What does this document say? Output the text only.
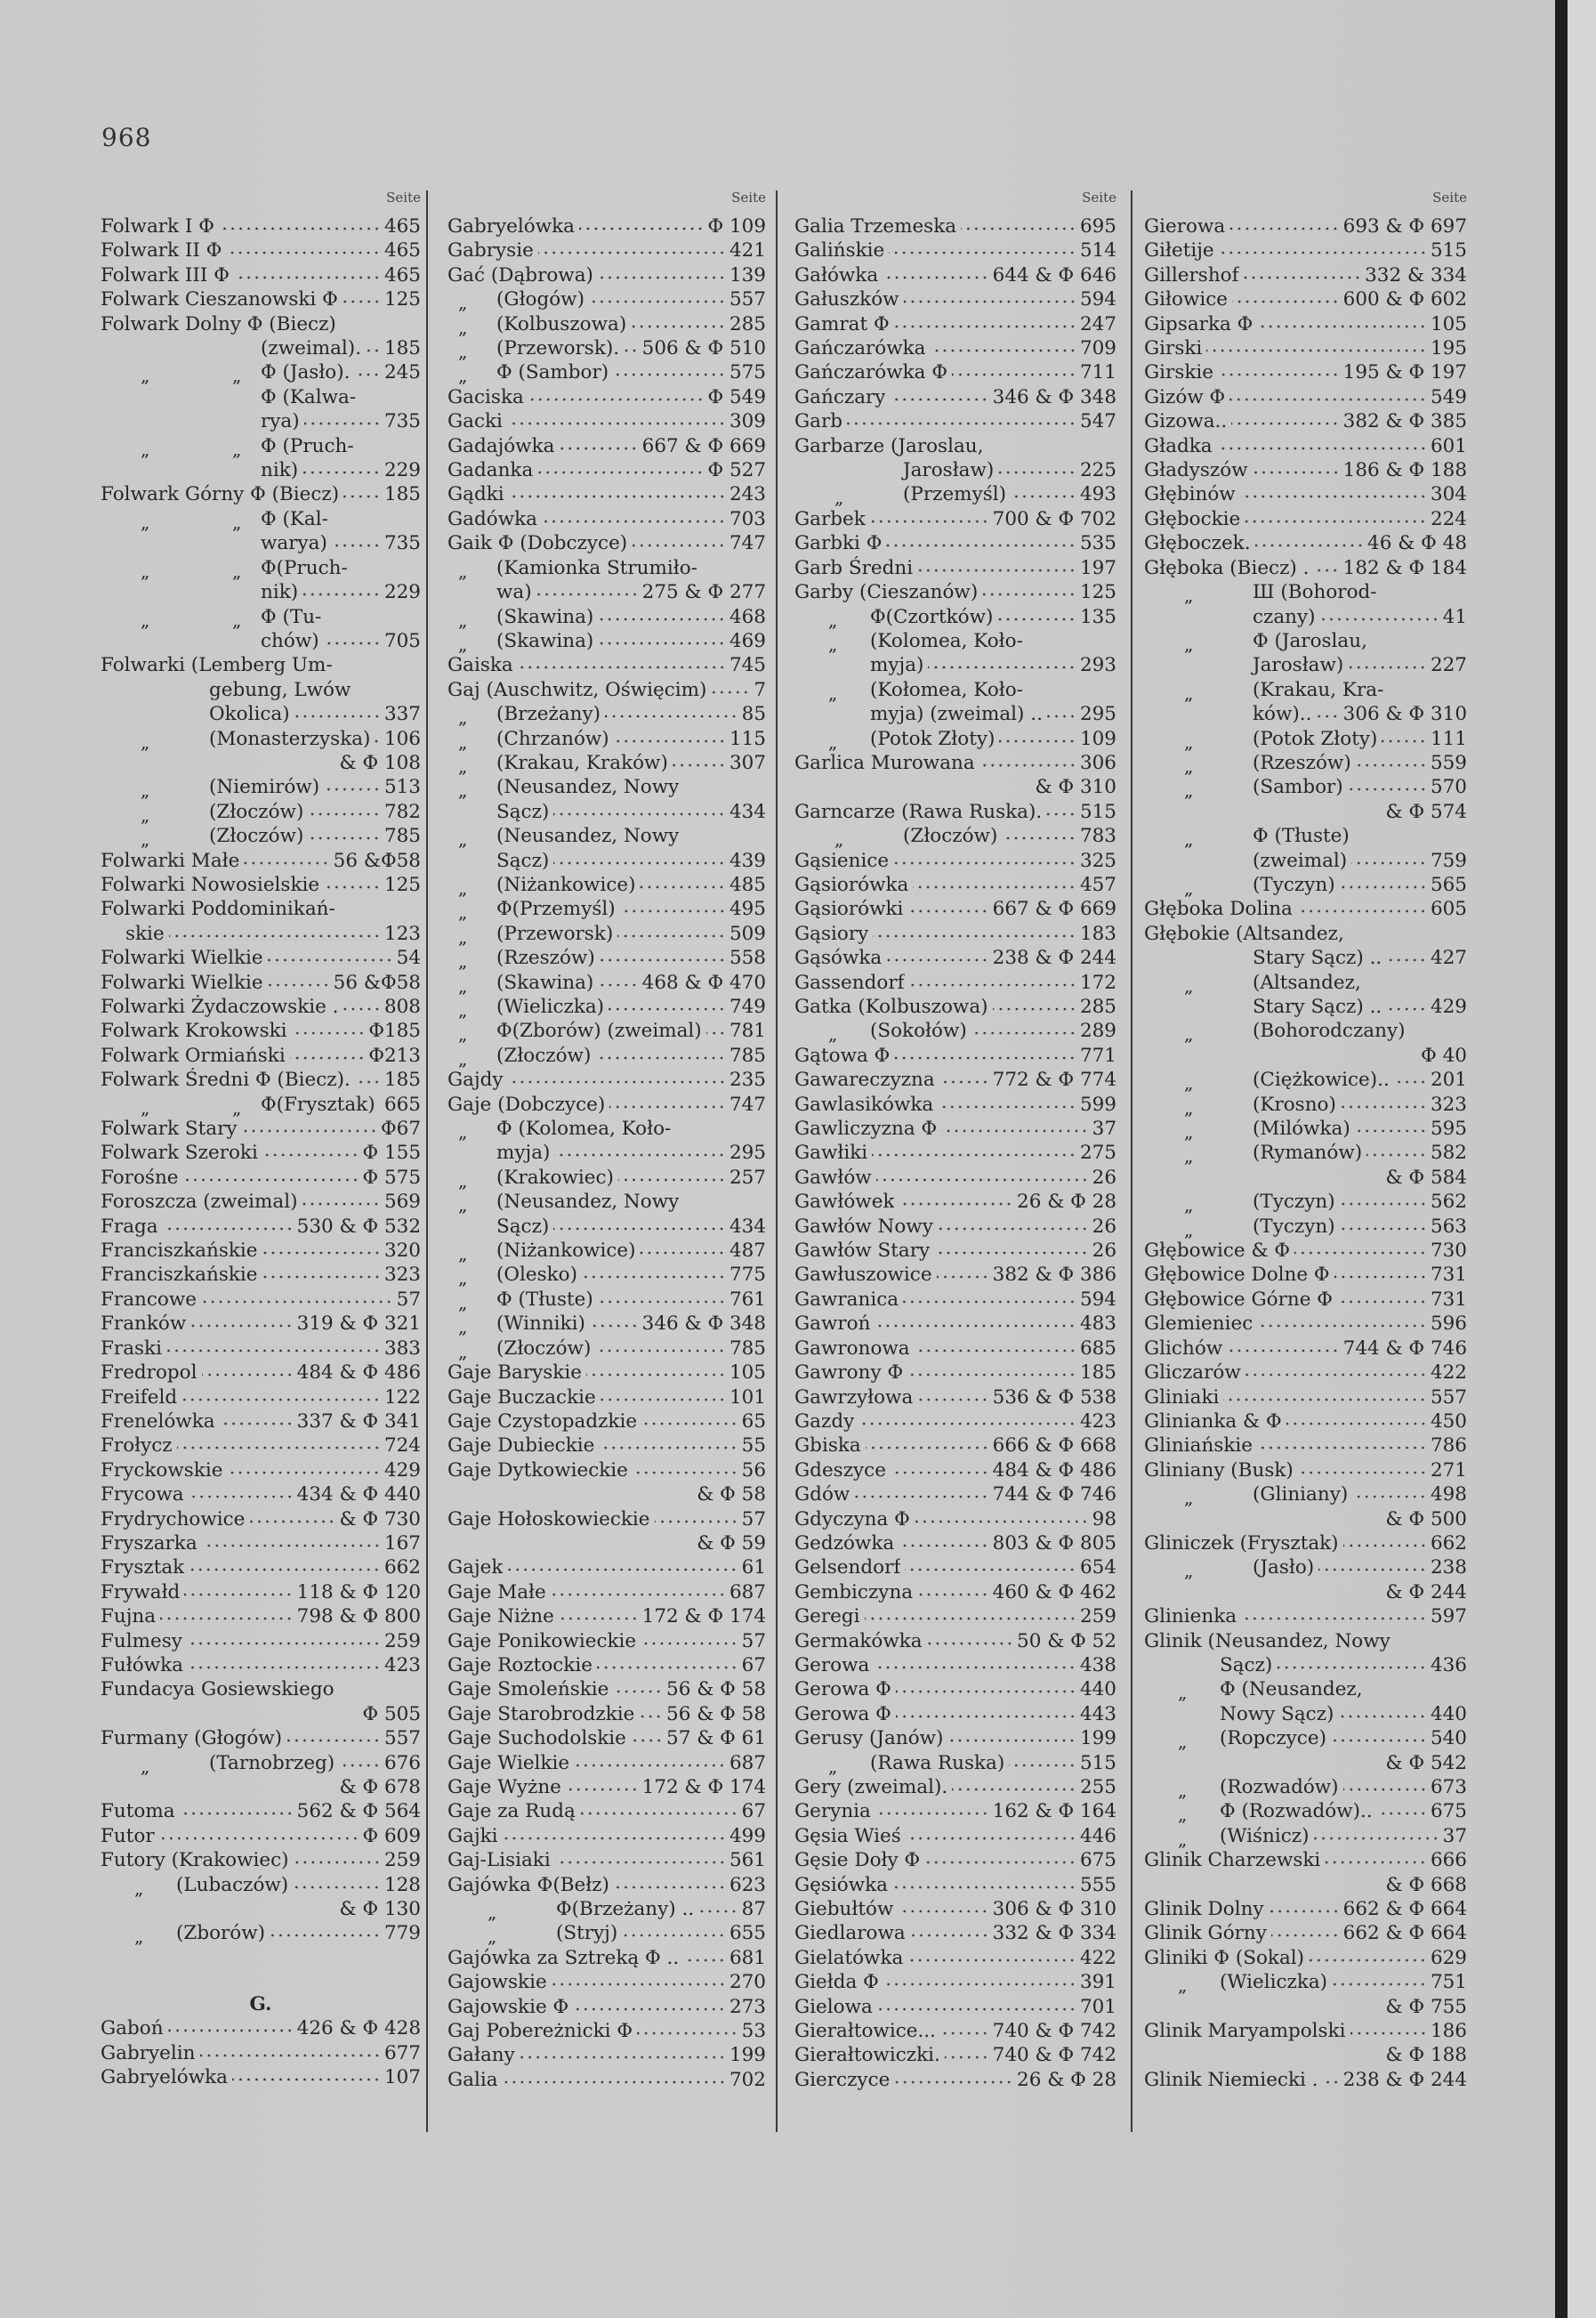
968
Seite
Folwark I Φ	465
Folwark II Φ	465
Folwark III Φ	465
Folwark Cieszanowski Φ 125
Folwark Dolny Φ (Biecz)
(zweimal). 185
„	„	Φ (Jasło). 245
Φ (Kalwa-
rya)	735
„	„	Φ (Pruch-
nik)	229
Folwark Górny Φ (Biecz) 185
„	„	Φ (Kal-
warya)	735
„	„	Φ(Pruch-
nik)	229
„	„	Φ (Tu-
chów)	705
Folwarki (Lemberg Um-
gebung, Lwów
Okolica)	337
„	(Monasterzyska) 106
& Φ 108
„	(Niemirów)	513
„	(Złoczów)	782
„	(Złoczów)	785
Folwarki Małe	56 &Φ58
Folwarki Nowosielskie	125
Folwarki Poddominikań-
skie	123
Folwarki Wielkie	54
Folwarki Wielkie	56 &Φ58
Folwarki Żydaczowskie . 808
Folwark Krokowski	Φ185
Folwark Ormiański	Φ213
Folwark Średni Φ (Biecz). 185
„	„	Φ(Frysztak) 665
Folwark Stary	Φ67
Folwark Szeroki	Φ 155
Forośne	Φ 575
Foroszcza (zweimal)	569
Fraga	530 & Φ 532
Franciszkańskie	320
Franciszkańskie	323
Francowe	57
Franków	319 & Φ 321
Fraski	383
Fredropol	484 & Φ 486
Freifeld	122
Frenelówka	337 & Φ 341
Frołycz	724
Fryckowskie	429
Frycowa	434 & Φ 440
Frydrychowice	& Φ 730
Fryszarka	167
Frysztak	662
Frywałd	118 & Φ 120
Fujna	798 & Φ 800
Fulmesy	259
Fułówka	423
Fundacya Gosiewskiego
Φ 505
Furmany (Głogów)	557
„	(Tarnobrzeg)	676
& Φ 678
Futoma	562 & Φ 564
Futor	Φ 609
Futory (Krakowiec)	259
„	(Lubaczów)	128
& Φ 130
„	(Zborów)	779
G.
Gaboń	426 & Φ 428
Gabryelin	677
Gabryelówka	107
Seite
Gabryelówka	Φ 109
Gabrysie	421
Gać (Dąbrowa)	139
„	(Głogów)	557
„	(Kolbuszowa)	285
„	(Przeworsk). 506 & Φ 510
„	Φ (Sambor)	575
Gaciska	Φ 549
Gacki	309
Gadajówka	667 & Φ 669
Gadanka	Φ 527
Gądki	243
Gadówka	703
Gaik Φ (Dobczyce)	747
„	(Kamionka Strumiło-
wa)	275 & Φ 277
„	(Skawina)	468
„	(Skawina)	469
Gaiska	745
Gaj (Auschwitz, Oświęcim) 7
„	(Brzeżany)	85
„	(Chrzanów)	115
„	(Krakau, Kraków)	307
„	(Neusandez, Nowy
Sącz)	434
„	(Neusandez, Nowy
Sącz)	439
„	(Niżankowice)	485
„	Φ(Przemyśl)	495
„	(Przeworsk)	509
„	(Rzeszów)	558
„	(Skawina)	468 & Φ 470
„	(Wieliczka)	749
„	Φ(Zborów) (zweimal) 781
„	(Złoczów)	785
Gajdy	235
Gaje (Dobczyce)	747
„	Φ (Kolomea, Koło-
myja)	295
„	(Krakowiec)	257
„	(Neusandez, Nowy
Sącz)	434
„	(Niżankowice)	487
„	(Olesko)	775
„	Φ (Tłuste)	761
„	(Winniki)	346 & Φ 348
„	(Złoczów)	785
Gaje Baryskie	105
Gaje Buczackie	101
Gaje Czystopadzkie	65
Gaje Dubieckie	55
Gaje Dytkowieckie	56
& Φ 58
Gaje Hołoskowieckie	57
& Φ 59
Gajek	61
Gaje Małe	687
Gaje Niżne	172 & Φ 174
Gaje Ponikowieckie	57
Gaje Roztockie	67
Gaje Smoleńskie	56 & Φ 58
Gaje Starobrodzkie 56 & Φ 58
Gaje Suchodolskie 57 & Φ 61
Gaje Wielkie	687
Gaje Wyżne	172 & Φ 174
Gaje za Rudą	67
Gajki	499
Gaj-Lisiaki	561
Gajówka Φ(Bełz)	623
„	Φ(Brzeżany) .. 87
„	(Stryj)	655
Gajówka za Sztreką Φ ..	681
Gajowskie	270
Gajowskie Φ	273
Gaj Pobereżnicki Φ	53
Gałany	199
Galia	702
Seite
Galia Trzemeska	695
Galińskie	514
Gałówka	644 & Φ 646
Gałuszków	594
Gamrat Φ	247
Gańczarówka	709
Gańczarówka Φ	711
Gańczary	346 & Φ 348
Garb	547
Garbarze (Jaroslau,
Jarosław)	225
„	(Przemyśl)	493
Garbek	700 & Φ 702
Garbki Φ	535
Garb Średni	197
Garby (Cieszanów)	125
„	Φ(Czortków)	135
„	(Kolomea, Koło-
myja)	293
„	(Kołomea, Koło-
myja) (zweimal) .. 295
„	(Potok Złoty)	109
Garlica Murowana	306
& Φ 310
Garncarze (Rawa Ruska). 515
„	(Złoczów)	783
Gąsienice	325
Gąsiorówka	457
Gąsiorówki	667 & Φ 669
Gąsiory	183
Gąsówka	238 & Φ 244
Gassendorf	172
Gatka (Kolbuszowa)	285
„	(Sokołów)	289
Gątowa Φ	771
Gawareczyzna	772 & Φ 774
Gawlasikówka	599
Gawliczyzna Φ	37
Gawłiki	275
Gawłów	26
Gawłówek	26 & Φ 28
Gawłów Nowy	26
Gawłów Stary	26
Gawłuszowice	382 & Φ 386
Gawranica	594
Gawroń	483
Gawronowa	685
Gawrony Φ	185
Gawrzyłowa	536 & Φ 538
Gazdy	423
Gbiska	666 & Φ 668
Gdeszyce	484 & Φ 486
Gdów	744 & Φ 746
Gdyczyna Φ	98
Gedzówka	803 & Φ 805
Gelsendorf	654
Gembiczyna	460 & Φ 462
Geregi	259
Germakówka	50 & Φ 52
Gerowa	438
Gerowa Φ	440
Gerowa Φ	443
Gerusy (Janów)	199
„	(Rawa Ruska)	515
Gery (zweimal).	255
Gerynia	162 & Φ 164
Gęsia Wieś	446
Gęsie Doły Φ	675
Gęsiówka	555
Giebułtów	306 & Φ 310
Giedlarowa	332 & Φ 334
Gielatówka	422
Giełda Φ	391
Gielowa	701
Gierałtowice...	740 & Φ 742
Gierałtowiczki.	740 & Φ 742
Gierczyce	26 & Φ 28
Seite
Gierowa	693 & Φ 697
Giłetije	515
Gillershof	332 & 334
Giłowice	600 & Φ 602
Gipsarka Φ	105
Girski	195
Girskie	195 & Φ 197
Gizów Φ	549
Gizowa..	382 & Φ 385
Gładka	601
Gładyszów	186 & Φ 188
Głębinów	304
Głębockie	224
Głęboczek.	46 & Φ 48
Głęboka (Biecz) . 182 & Φ 184
„	Ш (Bohorod-
czany)	41
„	Φ (Jaroslau,
Jarosław)	227
„	(Krakau, Kra-
ków).. 306 & Φ 310
„	(Potok Złoty)	111
„	(Rzeszów)	559
„	(Sambor)	570
& Φ 574
„	Φ (Tłuste)
(zweimal)	759
„	(Tyczyn)	565
Głęboka Dolina	605
Głębokie (Altsandez,
Stary Sącz) ..	427
„	(Altsandez,
Stary Sącz) ..	429
„	(Bohorodczany)
Φ 40
„	(Ciężkowice).. 201
„	(Krosno)	323
„	(Milówka)	595
„	(Rymanów)	582
& Φ 584
„	(Tyczyn)	562
„	(Tyczyn)	563
Głębowice & Φ	730
Głębowice Dolne Φ	731
Głębowice Górne Φ	731
Glemieniec	596
Glichów	744 & Φ 746
Gliczarów	422
Gliniaki	557
Glinianka & Φ	450
Gliniańskie	786
Gliniany (Busk)	271
„	(Gliniany)	498
& Φ 500
Gliniczek (Frysztak)	662
„	(Jasło)	238
& Φ 244
Glinienka	597
Glinik (Neusandez, Nowy
Sącz)	436
„	Φ (Neusandez,
Nowy Sącz)	440
„	(Ropczyce)	540
& Φ 542
„	(Rozwadów)	673
„	Φ (Rozwadów)..	675
„	(Wiśnicz)	37
Glinik Charzewski	666
& Φ 668
Glinik Dolny	662 & Φ 664
Glinik Górny	662 & Φ 664
Gliniki Φ (Sokal)	629
„	(Wieliczka)	751
& Φ 755
Glinik Maryampolski	186
& Φ 188
Glinik Niemiecki . 238 & Φ 244
